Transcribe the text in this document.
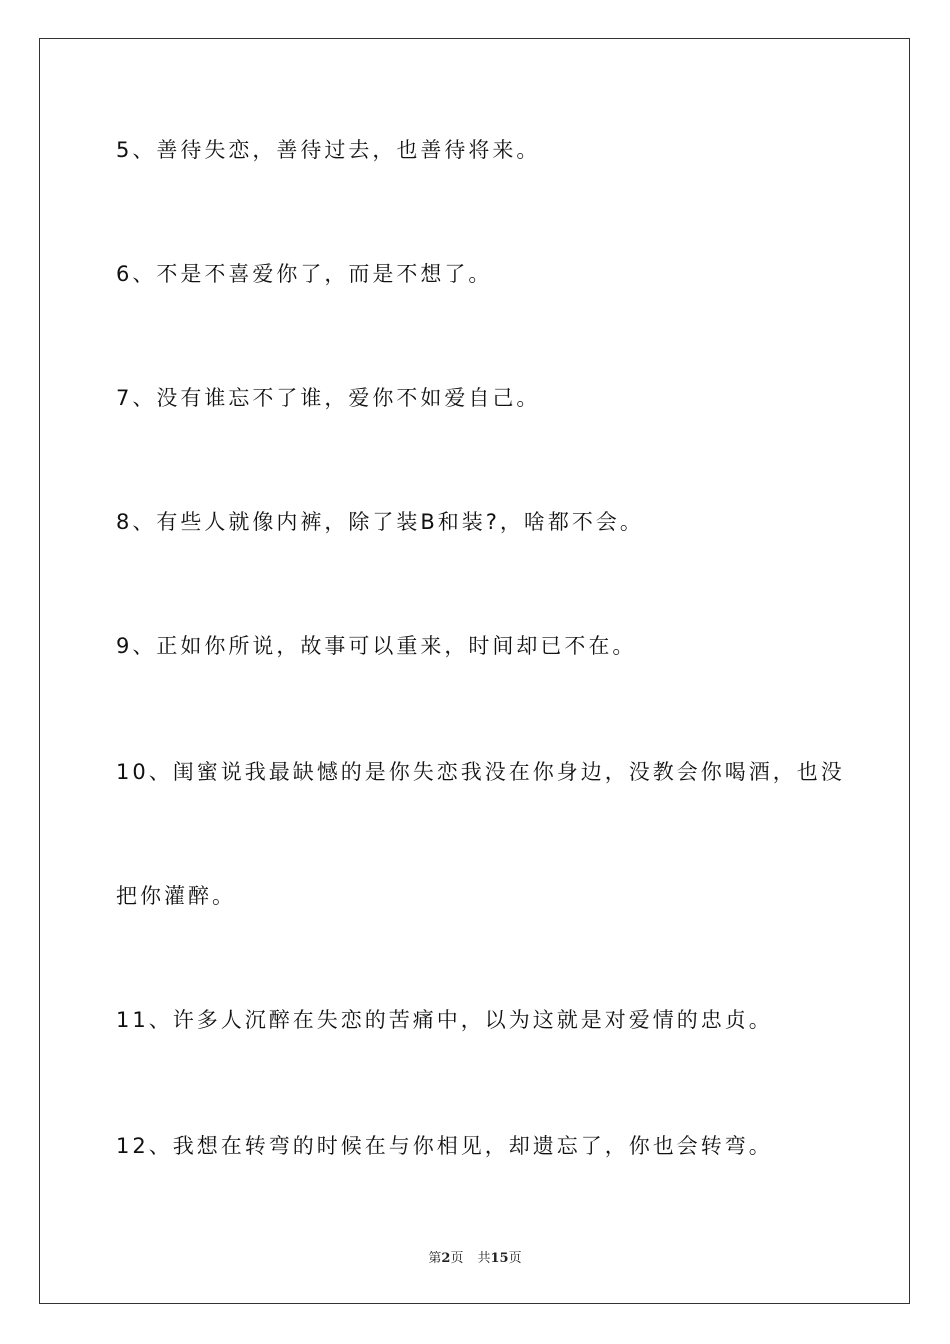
5、善待失恋，善待过去，也善待将来。
6、不是不喜爱你了，而是不想了。
7、没有谁忘不了谁，爱你不如爱自己。
8、有些人就像内裤，除了装B和装?，啥都不会。
9、正如你所说，故事可以重来，时间却已不在。
10、闺蜜说我最缺憾的是你失恋我没在你身边，没教会你喝酒，也没
把你灌醉。
11、许多人沉醉在失恋的苦痛中，以为这就是对爱情的忠贞。
12、我想在转弯的时候在与你相见，却遗忘了，你也会转弯。
第2页 共15页
